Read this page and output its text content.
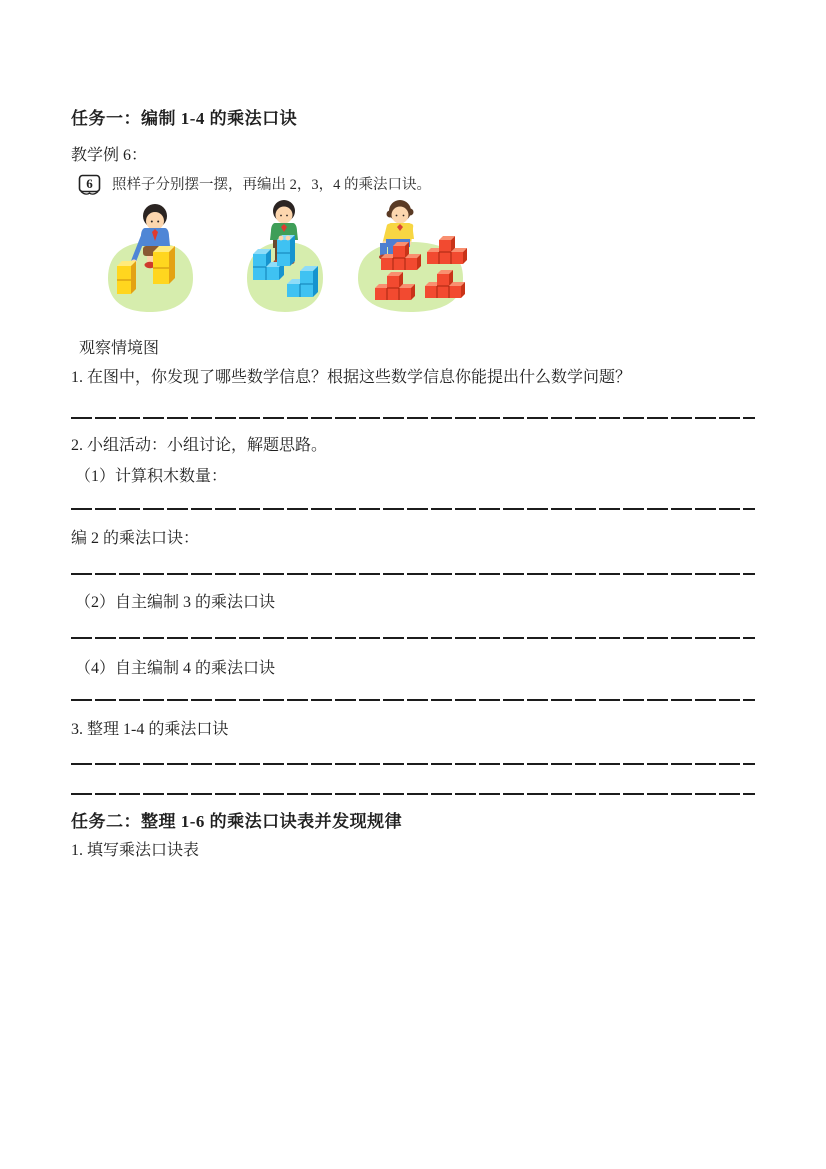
任务一：编制 1-4 的乘法口诀
教学例 6：
6 照样子分别摆一摆，再编出 2，3，4 的乘法口诀。
观察情境图
1. 在图中，你发现了哪些数学信息？根据这些数学信息你能提出什么数学问题？
2. 小组活动：小组讨论，解题思路。
（1）计算积木数量：
编 2 的乘法口诀：
（2）自主编制 3 的乘法口诀
（4）自主编制 4 的乘法口诀
3. 整理 1-4 的乘法口诀
任务二：整理 1-6 的乘法口诀表并发现规律
1. 填写乘法口诀表
